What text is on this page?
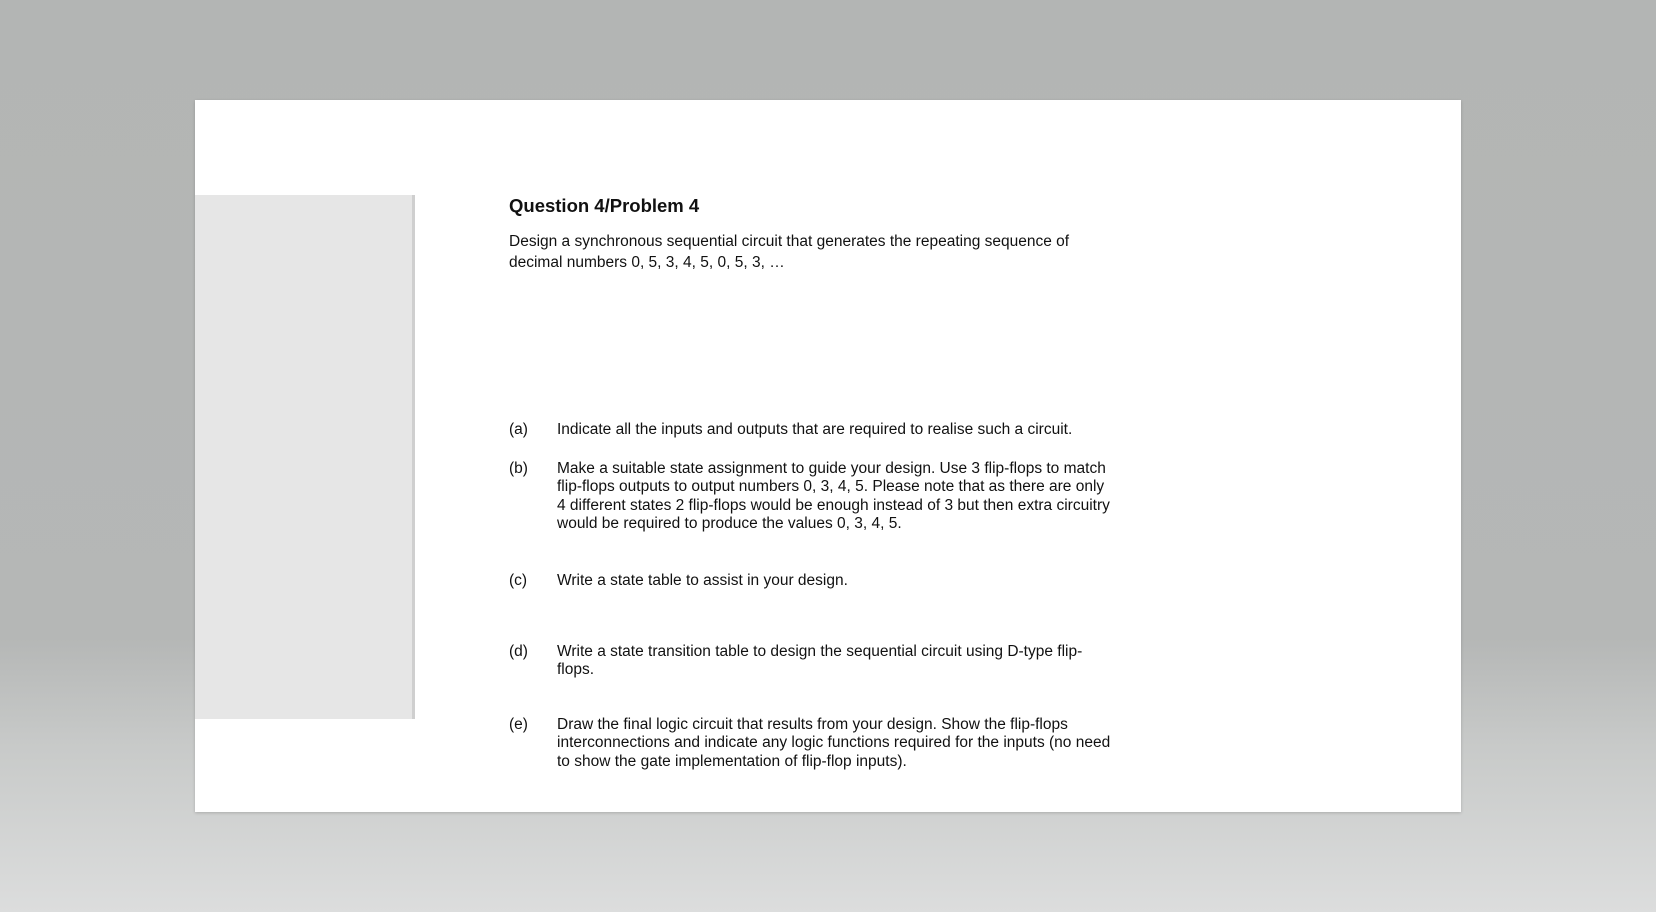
Question 4/Problem 4

Design a synchronous sequential circuit that generates the repeating sequence of decimal numbers 0, 5, 3, 4, 5, 0, 5, 3, …

(a)	Indicate all the inputs and outputs that are required to realise such a circuit.
(b)	Make a suitable state assignment to guide your design. Use 3 flip-flops to match flip-flops outputs to output numbers 0, 3, 4, 5. Please note that as there are only 4 different states 2 flip-flops would be enough instead of 3 but then extra circuitry would be required to produce the values 0, 3, 4, 5.
(c)	Write a state table to assist in your design.
(d)	Write a state transition table to design the sequential circuit using D-type flip-flops.
(e)	Draw the final logic circuit that results from your design. Show the flip-flops interconnections and indicate any logic functions required for the inputs (no need to show the gate implementation of flip-flop inputs).
